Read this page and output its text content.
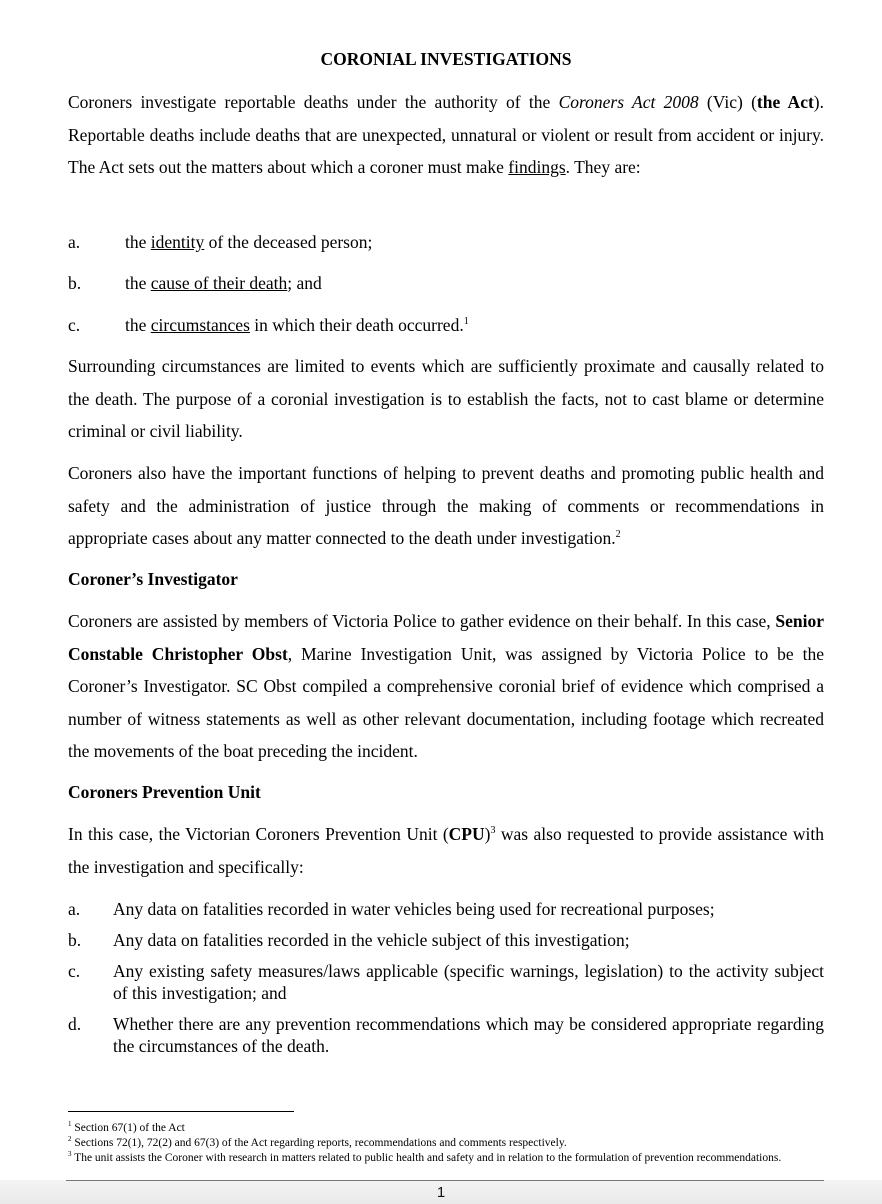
CORONIAL INVESTIGATIONS
Coroners investigate reportable deaths under the authority of the Coroners Act 2008 (Vic) (the Act). Reportable deaths include deaths that are unexpected, unnatural or violent or result from accident or injury. The Act sets out the matters about which a coroner must make findings. They are:
a.	the identity of the deceased person;
b.	the cause of their death; and
c.	the circumstances in which their death occurred.$^1$
Surrounding circumstances are limited to events which are sufficiently proximate and causally related to the death. The purpose of a coronial investigation is to establish the facts, not to cast blame or determine criminal or civil liability.
Coroners also have the important functions of helping to prevent deaths and promoting public health and safety and the administration of justice through the making of comments or recommendations in appropriate cases about any matter connected to the death under investigation.$^2$
Coroner’s Investigator
Coroners are assisted by members of Victoria Police to gather evidence on their behalf. In this case, Senior Constable Christopher Obst, Marine Investigation Unit, was assigned by Victoria Police to be the Coroner’s Investigator. SC Obst compiled a comprehensive coronial brief of evidence which comprised a number of witness statements as well as other relevant documentation, including footage which recreated the movements of the boat preceding the incident.
Coroners Prevention Unit
In this case, the Victorian Coroners Prevention Unit (CPU)$^3$ was also requested to provide assistance with the investigation and specifically:
a. Any data on fatalities recorded in water vehicles being used for recreational purposes;
b. Any data on fatalities recorded in the vehicle subject of this investigation;
c. Any existing safety measures/laws applicable (specific warnings, legislation) to the activity subject of this investigation; and
d. Whether there are any prevention recommendations which may be considered appropriate regarding the circumstances of the death.
$^1$ Section 67(1) of the Act
$^2$ Sections 72(1), 72(2) and 67(3) of the Act regarding reports, recommendations and comments respectively.
$^3$ The unit assists the Coroner with research in matters related to public health and safety and in relation to the formulation of prevention recommendations.
1
